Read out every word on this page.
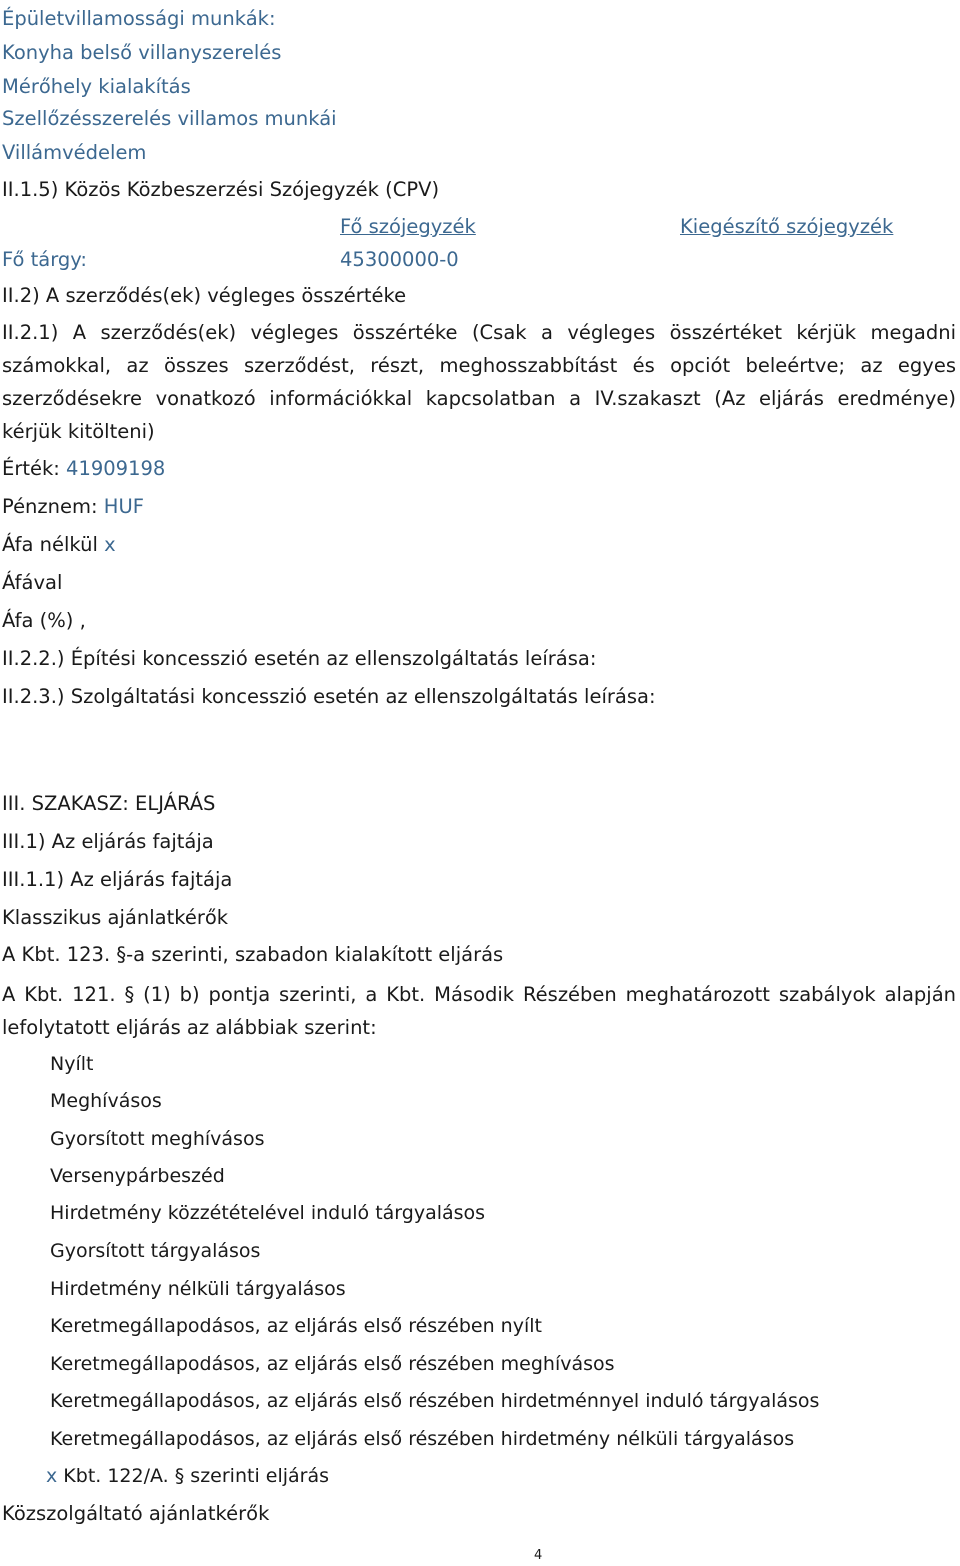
Épületvillamossági munkák:
Konyha belső villanyszerelés
Mérőhely kialakítás
Szellőzésszerelés villamos munkái
Villámvédelem
II.1.5) Közös Közbeszerzési Szójegyzék (CPV)
Fő szójegyzék	Kiegészítő szójegyzék
Fő tárgy:	45300000-0
II.2) A szerződés(ek) végleges összértéke
II.2.1) A szerződés(ek) végleges összértéke (Csak a végleges összértéket kérjük megadni számokkal, az összes szerződést, részt, meghosszabbítást és opciót beleértve; az egyes szerződésekre vonatkozó információkkal kapcsolatban a IV.szakaszt (Az eljárás eredménye) kérjük kitölteni)
Érték: 41909198
Pénznem: HUF
Áfa nélkül x
Áfával
Áfa (%) ,
II.2.2.) Építési koncesszió esetén az ellenszolgáltatás leírása:
II.2.3.) Szolgáltatási koncesszió esetén az ellenszolgáltatás leírása:
III. SZAKASZ: ELJÁRÁS
III.1) Az eljárás fajtája
III.1.1) Az eljárás fajtája
Klasszikus ajánlatkérők
A Kbt. 123. §-a szerinti, szabadon kialakított eljárás
A Kbt. 121. § (1) b) pontja szerinti, a Kbt. Második Részében meghatározott szabályok alapján lefolytatott eljárás az alábbiak szerint:
Nyílt
Meghívásos
Gyorsított meghívásos
Versenypárbeszéd
Hirdetmény közzétételével induló tárgyalásos
Gyorsított tárgyalásos
Hirdetmény nélküli tárgyalásos
Keretmegállapodásos, az eljárás első részében nyílt
Keretmegállapodásos, az eljárás első részében meghívásos
Keretmegállapodásos, az eljárás első részében hirdetménnyel induló tárgyalásos
Keretmegállapodásos, az eljárás első részében hirdetmény nélküli tárgyalásos
x Kbt. 122/A. § szerinti eljárás
Közszolgáltató ajánlatkérők
4
